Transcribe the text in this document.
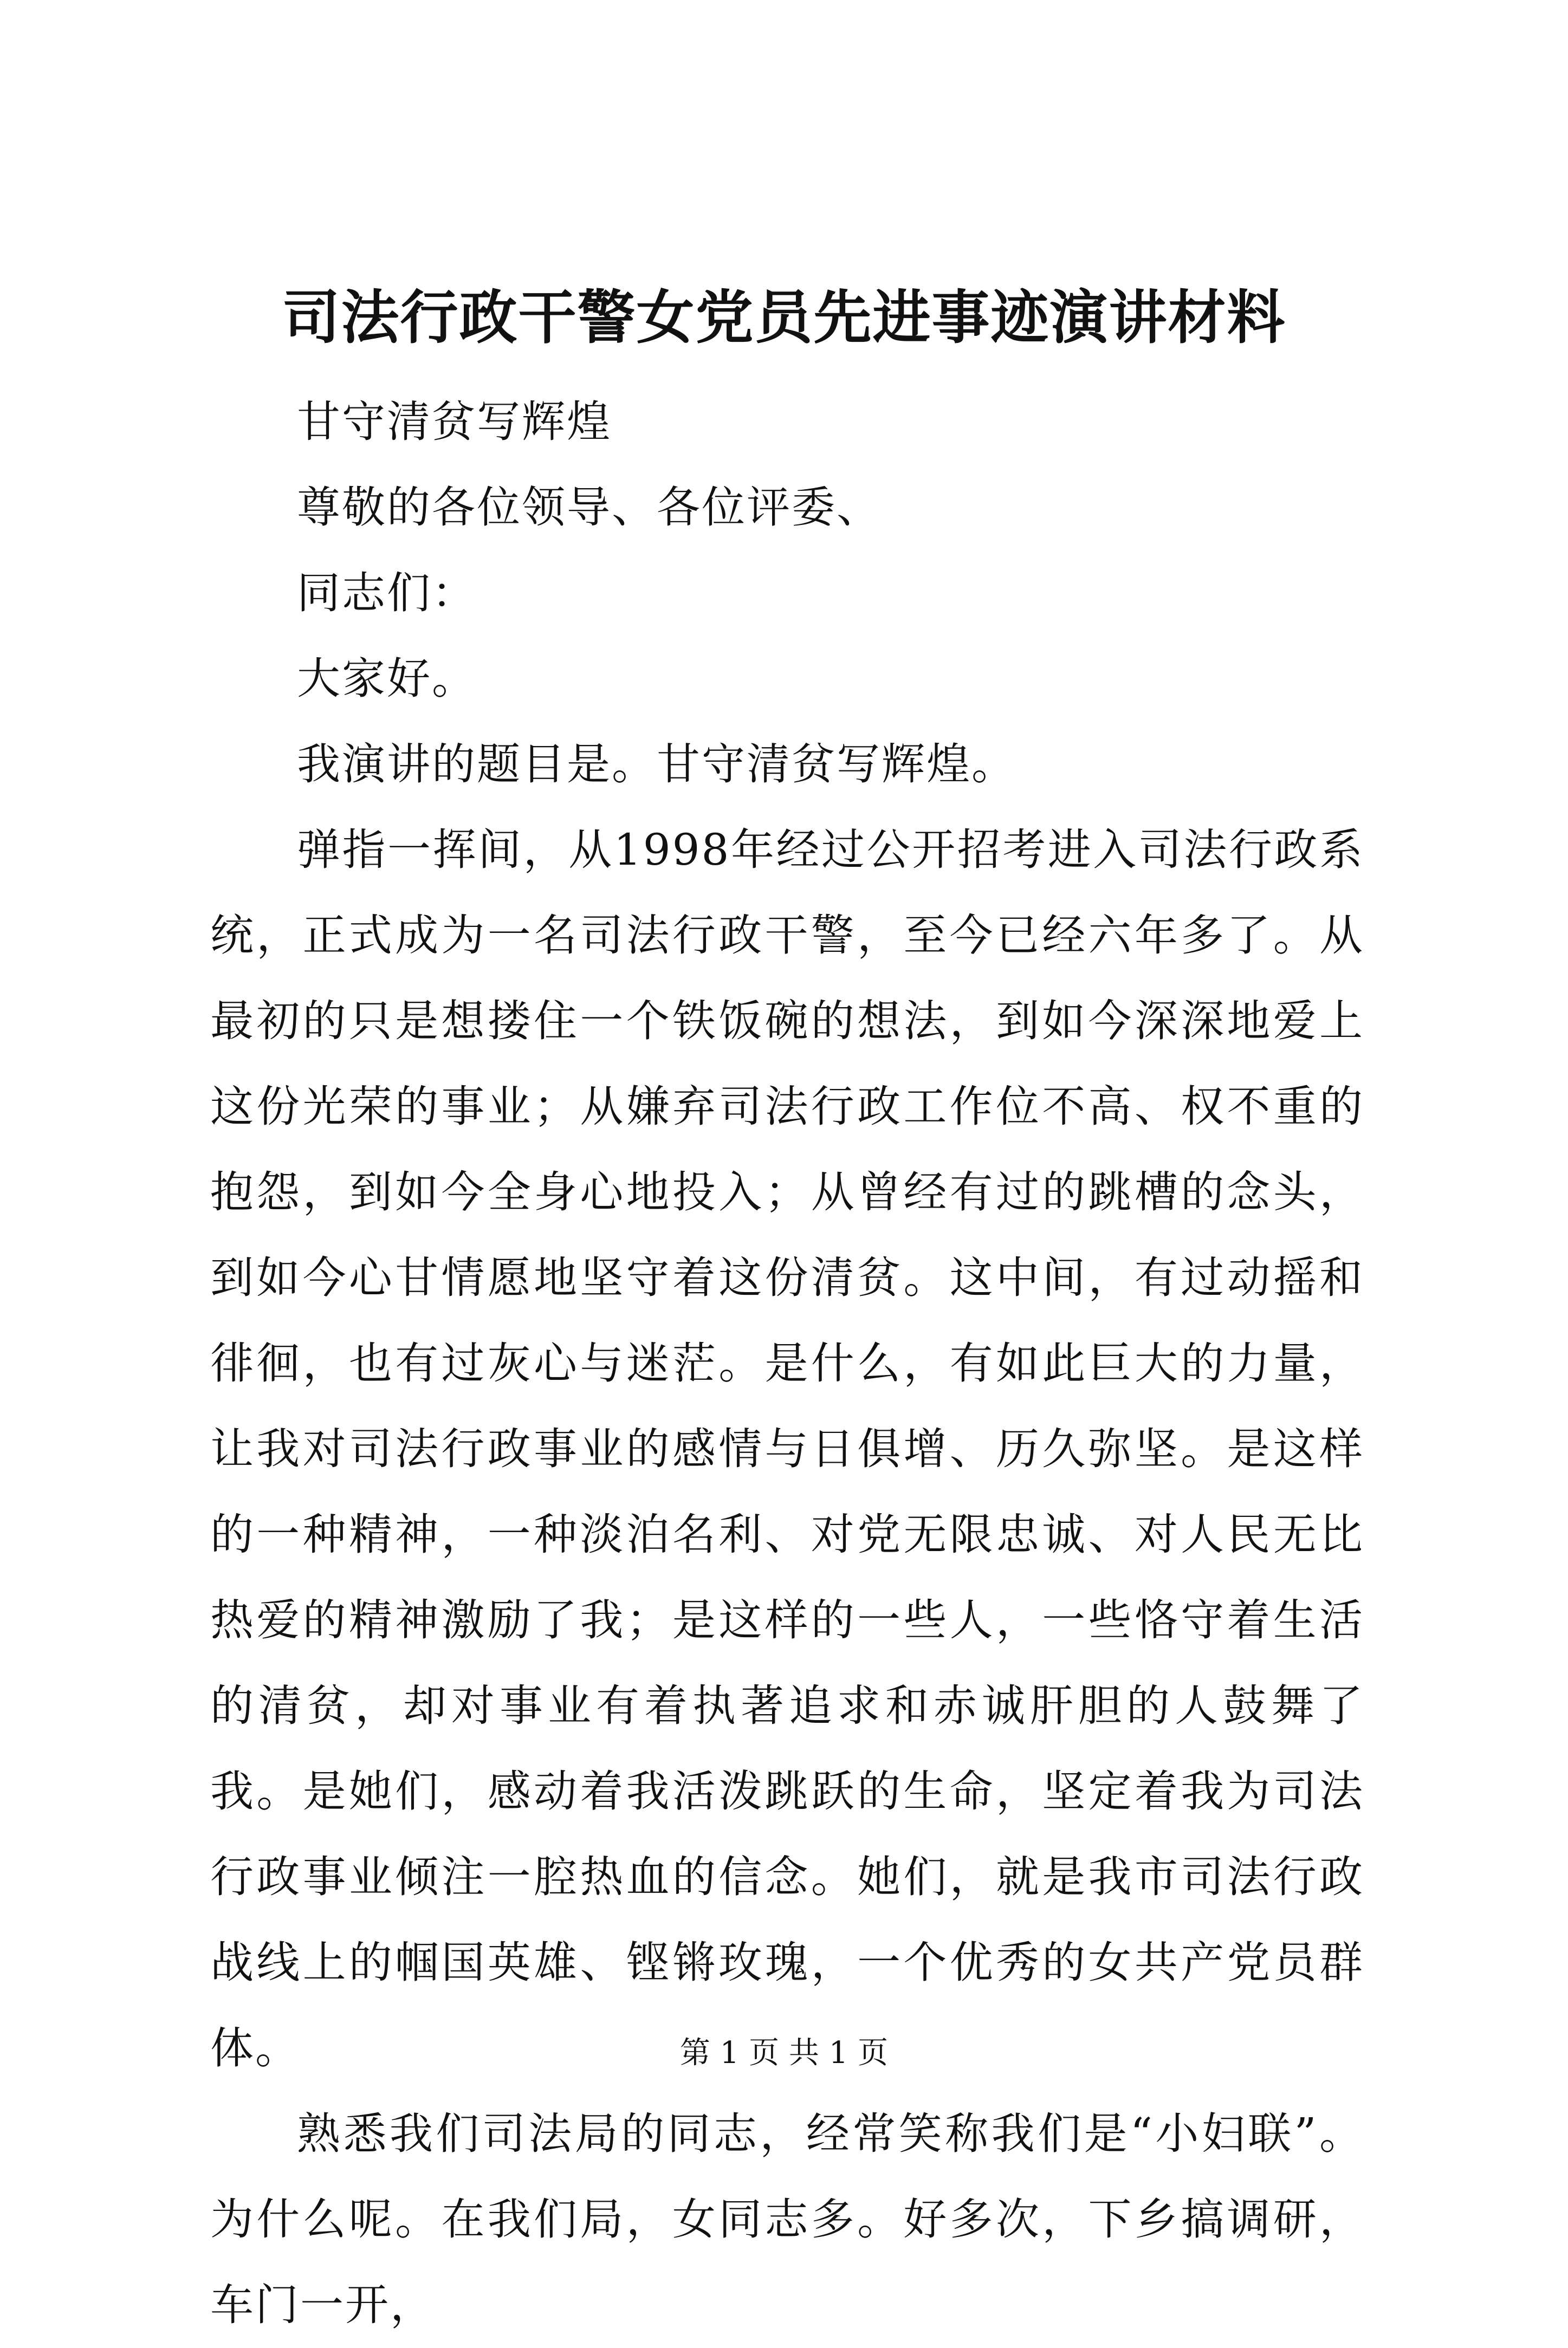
司法行政干警女党员先进事迹演讲材料

甘守清贫写辉煌

尊敬的各位领导、各位评委、

同志们：

大家好。

我演讲的题目是。甘守清贫写辉煌。

弹指一挥间，从1998年经过公开招考进入司法行政系统，正式成为一名司法行政干警，至今已经六年多了。从最初的只是想搂住一个铁饭碗的想法，到如今深深地爱上这份光荣的事业；从嫌弃司法行政工作位不高、权不重的抱怨，到如今全身心地投入；从曾经有过的跳槽的念头，到如今心甘情愿地坚守着这份清贫。这中间，有过动摇和徘徊，也有过灰心与迷茫。是什么，有如此巨大的力量，让我对司法行政事业的感情与日俱增、历久弥坚。是这样的一种精神，一种淡泊名利、对党无限忠诚、对人民无比热爱的精神激励了我；是这样的一些人，一些恪守着生活的清贫，却对事业有着执著追求和赤诚肝胆的人鼓舞了我。是她们，感动着我活泼跳跃的生命，坚定着我为司法行政事业倾注一腔热血的信念。她们，就是我市司法行政战线上的帼国英雄、铿锵玫瑰，一个优秀的女共产党员群体。

熟悉我们司法局的同志，经常笑称我们是“小妇联”。为什么呢。在我们局，女同志多。好多次，下乡搞调研，车门一开，

第 1 页 共 1 页
